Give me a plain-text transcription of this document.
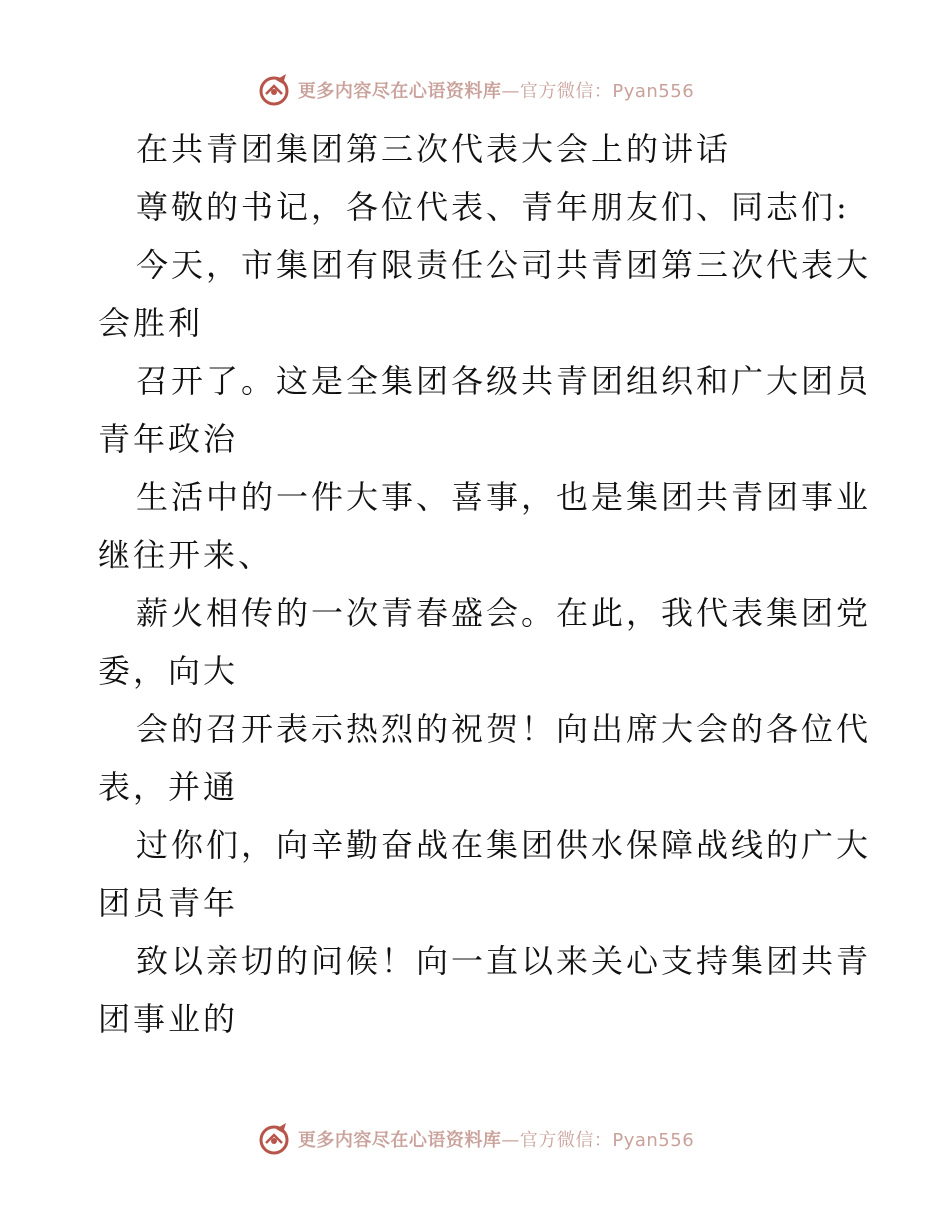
更多内容尽在心语资料库—官方微信：Pyan556
在共青团集团第三次代表大会上的讲话
尊敬的书记，各位代表、青年朋友们、同志们:
今天，市集团有限责任公司共青团第三次代表大
会胜利
召开了。这是全集团各级共青团组织和广大团员
青年政治
生活中的一件大事、喜事，也是集团共青团事业
继往开来、
薪火相传的一次青春盛会。在此，我代表集团党
委，向大
会的召开表示热烈的祝贺！向出席大会的各位代
表，并通
过你们，向辛勤奋战在集团供水保障战线的广大
团员青年
致以亲切的问候！向一直以来关心支持集团共青
团事业的
更多内容尽在心语资料库—官方微信：Pyan556
